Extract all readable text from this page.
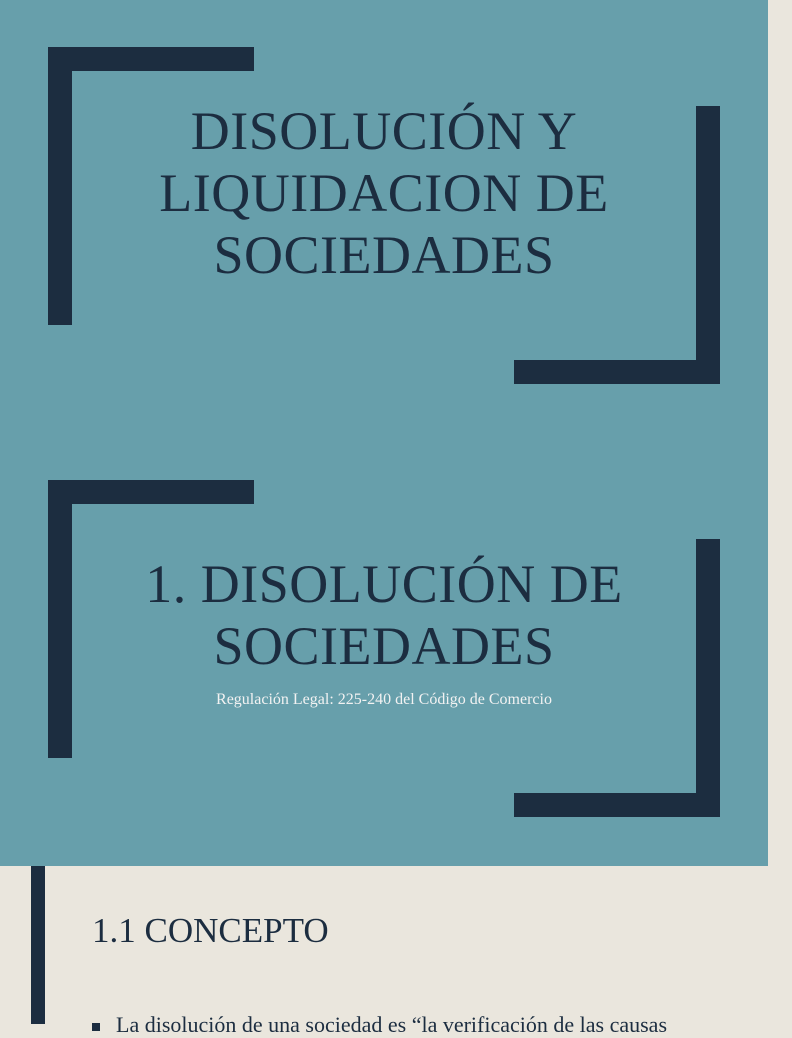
DISOLUCIÓN Y
LIQUIDACION DE
SOCIEDADES
1. DISOLUCIÓN DE
SOCIEDADES
Regulación Legal: 225-240 del Código de Comercio
1.1 CONCEPTO
La disolución de una sociedad es “la verificación de las causas
